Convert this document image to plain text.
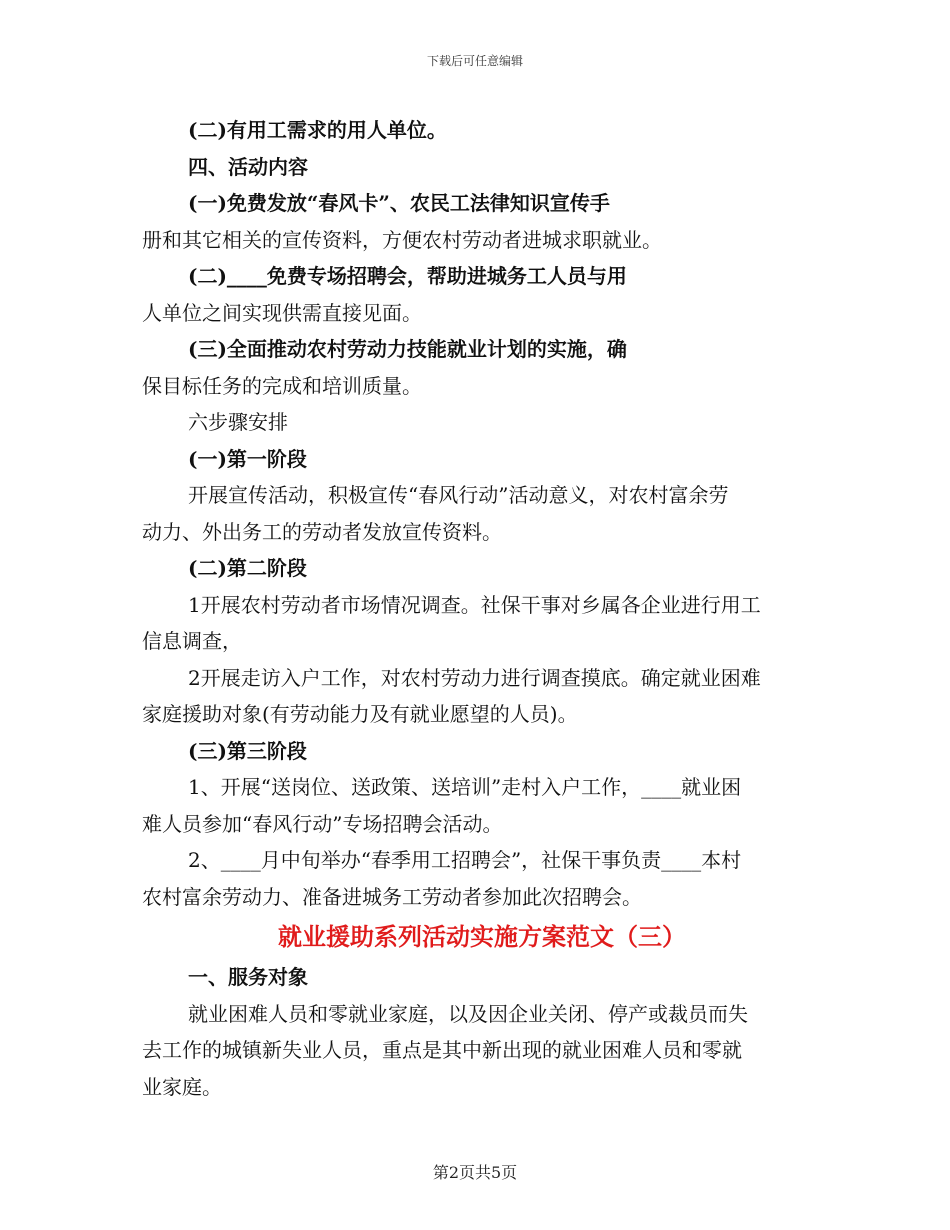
下载后可任意编辑
(二)有用工需求的用人单位。
四、活动内容
(一)免费发放“春风卡”、农民工法律知识宣传手
册和其它相关的宣传资料，方便农村劳动者进城求职就业。
(二)____免费专场招聘会，帮助进城务工人员与用
人单位之间实现供需直接见面。
(三)全面推动农村劳动力技能就业计划的实施，确
保目标任务的完成和培训质量。
六步骤安排
(一)第一阶段
开展宣传活动，积极宣传“春风行动”活动意义，对农村富余劳
动力、外出务工的劳动者发放宣传资料。
(二)第二阶段
1开展农村劳动者市场情况调查。社保干事对乡属各企业进行用工
信息调查，
2开展走访入户工作，对农村劳动力进行调查摸底。确定就业困难
家庭援助对象(有劳动能力及有就业愿望的人员)。
(三)第三阶段
1、开展“送岗位、送政策、送培训”走村入户工作，____就业困
难人员参加“春风行动”专场招聘会活动。
2、____月中旬举办“春季用工招聘会”，社保干事负责____本村
农村富余劳动力、准备进城务工劳动者参加此次招聘会。
就业援助系列活动实施方案范文（三）
一、服务对象
就业困难人员和零就业家庭，以及因企业关闭、停产或裁员而失
去工作的城镇新失业人员，重点是其中新出现的就业困难人员和零就
业家庭。
第2页共5页
